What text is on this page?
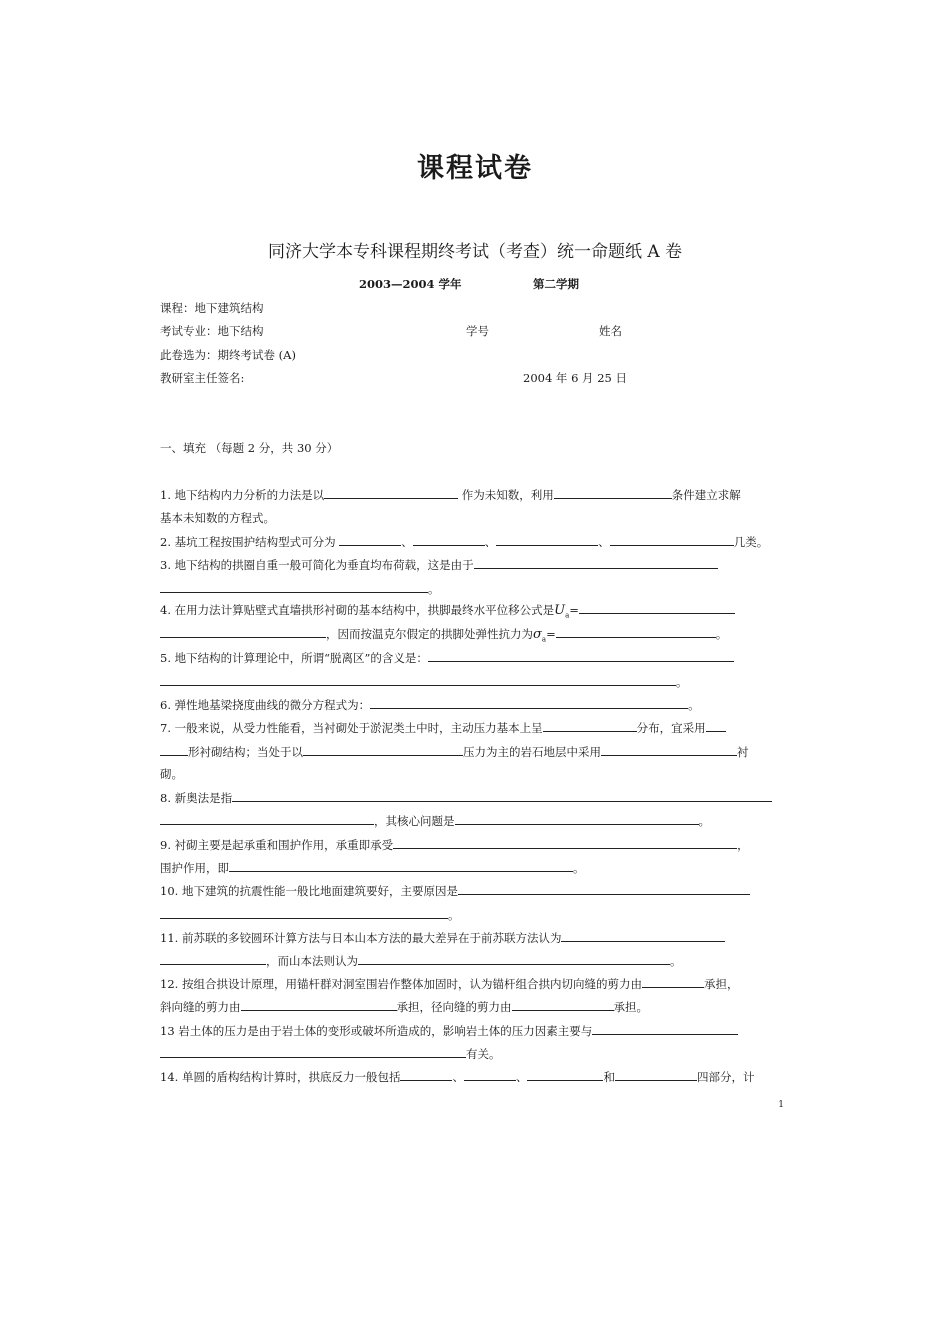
课程试卷
同济大学本专科课程期终考试（考查）统一命题纸 A 卷
2003—2004 学年	第二学期
课程：地下建筑结构
考试专业：地下结构	学号	姓名
此卷选为：期终考试卷 (A)
教研室主任签名:	2004 年 6 月 25 日
一、填充 （每题 2 分，共 30 分）
1. 地下结构内力分析的力法是以	作为未知数，利用	条件建立求解
基本未知数的方程式。
2. 基坑工程按围护结构型式可分为	、	、	、	几类。
3. 地下结构的拱圈自重一般可简化为垂直均布荷载，这是由于
。
4. 在用力法计算贴壁式直墙拱形衬砌的基本结构中，拱脚最终水平位移公式是$U_a=$
，因而按温克尔假定的拱脚处弹性抗力为$\sigma_a=$	。
5. 地下结构的计算理论中，所谓“脱离区”的含义是：
。
6. 弹性地基梁挠度曲线的微分方程式为：	。
7. 一般来说，从受力性能看，当衬砌处于淤泥类土中时，主动压力基本上呈	分布，宜采用
形衬砌结构；当处于以	压力为主的岩石地层中采用	衬
砌。
8. 新奥法是指
，其核心问题是	。
9. 衬砌主要是起承重和围护作用，承重即承受	，
围护作用，即	。
10. 地下建筑的抗震性能一般比地面建筑要好，主要原因是
。
11. 前苏联的多铰圆环计算方法与日本山本方法的最大差异在于前苏联方法认为
，而山本法则认为	。
12. 按组合拱设计原理，用锚杆群对洞室围岩作整体加固时，认为锚杆组合拱内切向缝的剪力由	承担，
斜向缝的剪力由	承担，径向缝的剪力由	承担。
13 岩土体的压力是由于岩土体的变形或破坏所造成的，影响岩土体的压力因素主要与
有关。
14. 单圆的盾构结构计算时，拱底反力一般包括	、	、	和	四部分，计
1
